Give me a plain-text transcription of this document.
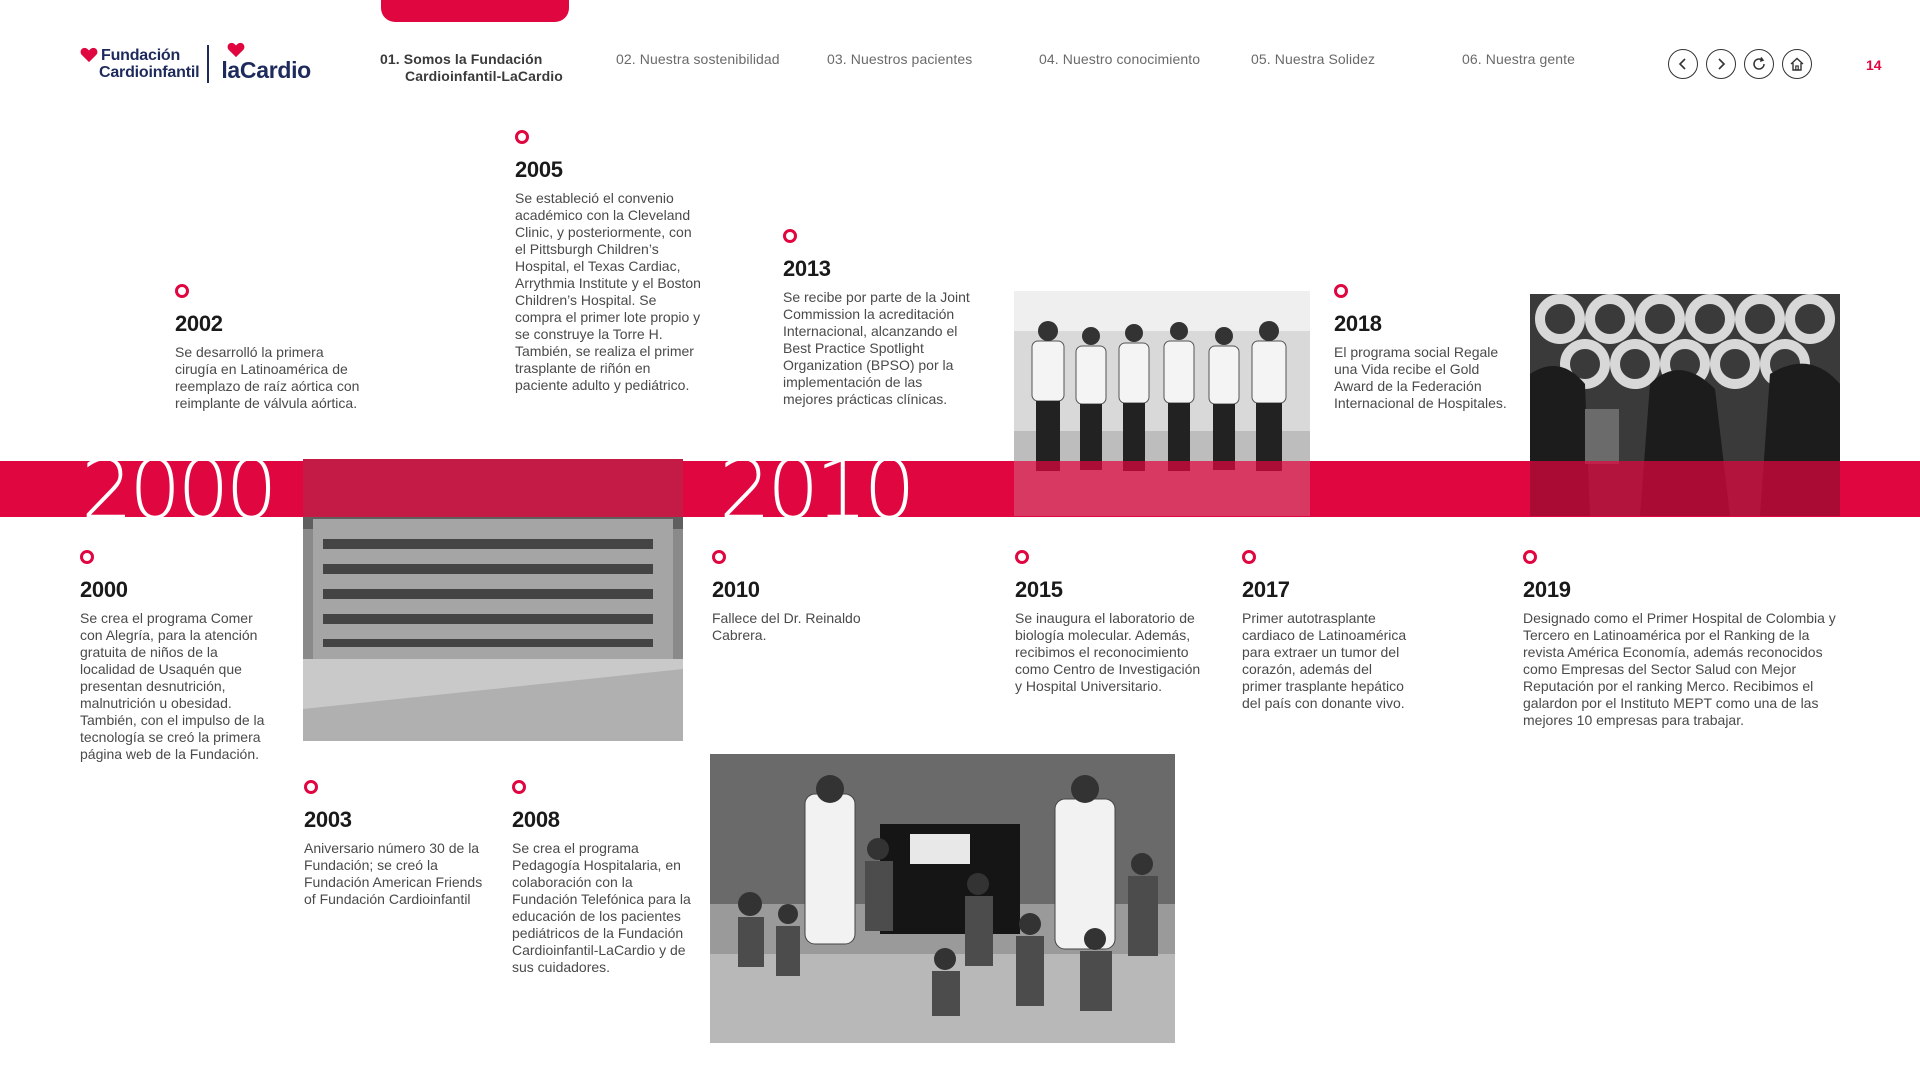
Fundación
Cardioinfantil laCardio	01. Somos la Fundación
Cardioinfantil-LaCardio
02. Nuestra sostenibilidad	03. Nuestros pacientes	04. Nuestro conocimiento	05. Nuestra Solidez	06. Nuestra gente	14
2000	2010
2002
Se desarrolló la primera cirugía en Latinoamérica de reemplazo de raíz aórtica con reimplante de válvula aórtica.
2005
Se estableció el convenio académico con la Cleveland Clinic, y posteriormente, con el Pittsburgh Children’s Hospital, el Texas Cardiac, Arrythmia Institute y el Boston Children’s Hospital. Se compra el primer lote propio y se construye la Torre H. También, se realiza el primer trasplante de riñón en paciente adulto y pediátrico.
2013
Se recibe por parte de la Joint Commission la acreditación Internacional, alcanzando el Best Practice Spotlight Organization (BPSO) por la implementación de las mejores prácticas clínicas.
2018
El programa social Regale una Vida recibe el Gold Award de la Federación Internacional de Hospitales.
2000
Se crea el programa Comer con Alegría, para la atención gratuita de niños de la localidad de Usaquén que presentan desnutrición, malnutrición u obesidad. También, con el impulso de la tecnología se creó la primera página web de la Fundación.
2010
Fallece del Dr. Reinaldo Cabrera.
2015
Se inaugura el laboratorio de biología molecular. Además, recibimos el reconocimiento como Centro de Investigación y Hospital Universitario.
2017
Primer autotrasplante cardiaco de Latinoamérica para extraer un tumor del corazón, además del primer trasplante hepático del país con donante vivo.
2019
Designado como el Primer Hospital de Colombia y Tercero en Latinoamérica por el Ranking de la revista América Economía, además reconocidos como Empresas del Sector Salud con Mejor Reputación por el ranking Merco. Recibimos el galardon por el Instituto MEPT como una de las mejores 10 empresas para trabajar.
2003
Aniversario número 30 de la Fundación; se creó la Fundación American Friends of Fundación Cardioinfantil
2008
Se crea el programa Pedagogía Hospitalaria, en colaboración con la Fundación Telefónica para la educación de los pacientes pediátricos de la Fundación Cardioinfantil-LaCardio y de sus cuidadores.
